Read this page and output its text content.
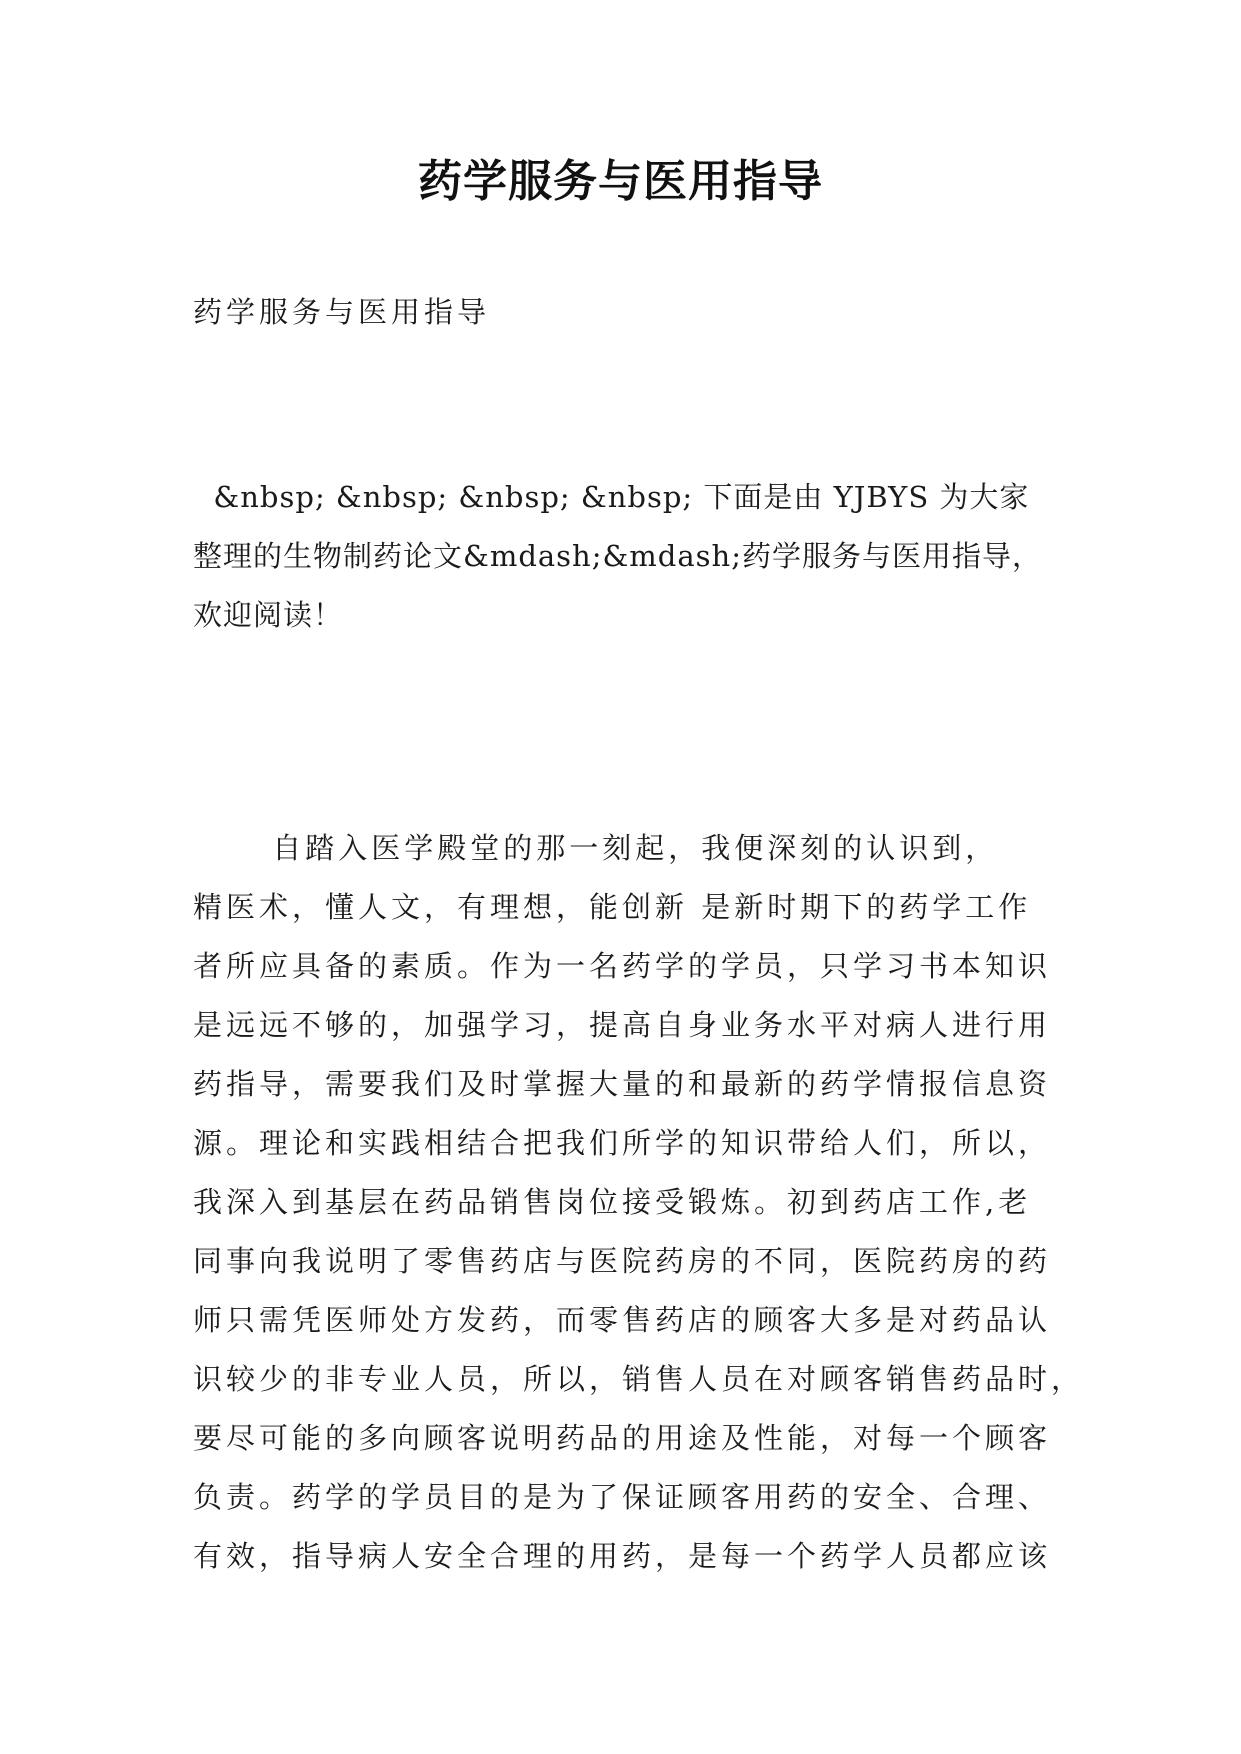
药学服务与医用指导
药学服务与医用指导
&nbsp; &nbsp; &nbsp; &nbsp; 下面是由 YJBYS 为大家
整理的生物制药论文&mdash;&mdash;药学服务与医用指导，
欢迎阅读！
自踏入医学殿堂的那一刻起，我便深刻的认识到，
精医术，懂人文，有理想，能创新 是新时期下的药学工作
者所应具备的素质。作为一名药学的学员，只学习书本知识
是远远不够的，加强学习，提高自身业务水平对病人进行用
药指导，需要我们及时掌握大量的和最新的药学情报信息资
源。理论和实践相结合把我们所学的知识带给人们，所以，
我深入到基层在药品销售岗位接受锻炼。初到药店工作,老
同事向我说明了零售药店与医院药房的不同，医院药房的药
师只需凭医师处方发药，而零售药店的顾客大多是对药品认
识较少的非专业人员，所以，销售人员在对顾客销售药品时，
要尽可能的多向顾客说明药品的用途及性能，对每一个顾客
负责。药学的学员目的是为了保证顾客用药的安全、合理、
有效，指导病人安全合理的用药，是每一个药学人员都应该
